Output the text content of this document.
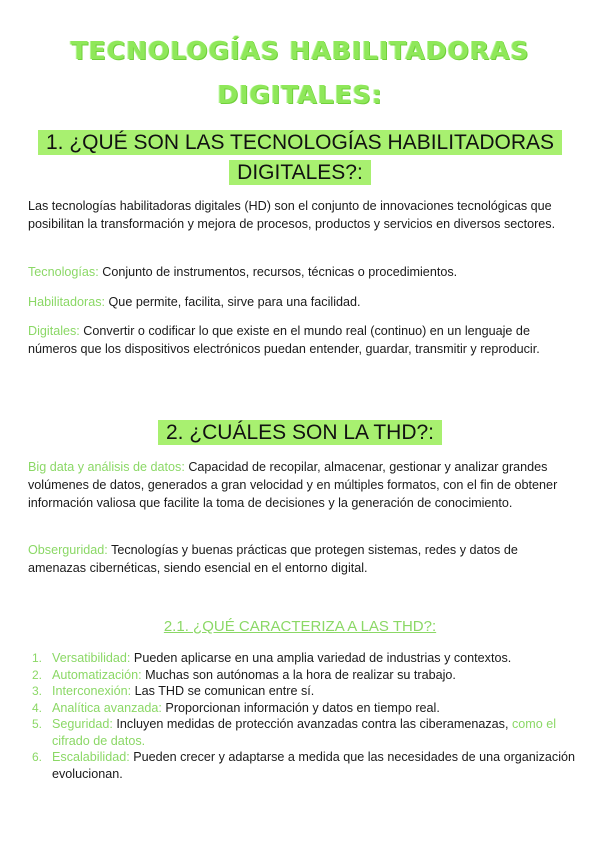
TECNOLOGÍAS HABILITADORAS
DIGITALES:
1. ¿QUÉ SON LAS TECNOLOGÍAS HABILITADORAS
DIGITALES?:

Las tecnologías habilitadoras digitales (HD) son el conjunto de innovaciones tecnológicas que posibilitan la transformación y mejora de procesos, productos y servicios en diversos sectores.

Tecnologías: Conjunto de instrumentos, recursos, técnicas o procedimientos.

Habilitadoras: Que permite, facilita, sirve para una facilidad.

Digitales: Convertir o codificar lo que existe en el mundo real (continuo) en un lenguaje de números que los dispositivos electrónicos puedan entender, guardar, transmitir y reproducir.

2. ¿CUÁLES SON LA THD?:

Big data y análisis de datos: Capacidad de recopilar, almacenar, gestionar y analizar grandes volúmenes de datos, generados a gran velocidad y en múltiples formatos, con el fin de obtener información valiosa que facilite la toma de decisiones y la generación de conocimiento.

Obserguridad: Tecnologías y buenas prácticas que protegen sistemas, redes y datos de amenazas cibernéticas, siendo esencial en el entorno digital.

2.1. ¿QUÉ CARACTERIZA A LAS THD?:

1. Versatibilidad: Pueden aplicarse en una amplia variedad de industrias y contextos.
2. Automatización: Muchas son autónomas a la hora de realizar su trabajo.
3. Interconexión: Las THD se comunican entre sí.
4. Analítica avanzada: Proporcionan información y datos en tiempo real.
5. Seguridad: Incluyen medidas de protección avanzadas contra las ciberamenazas, como el cifrado de datos.
6. Escalabilidad: Pueden crecer y adaptarse a medida que las necesidades de una organización evolucionan.
